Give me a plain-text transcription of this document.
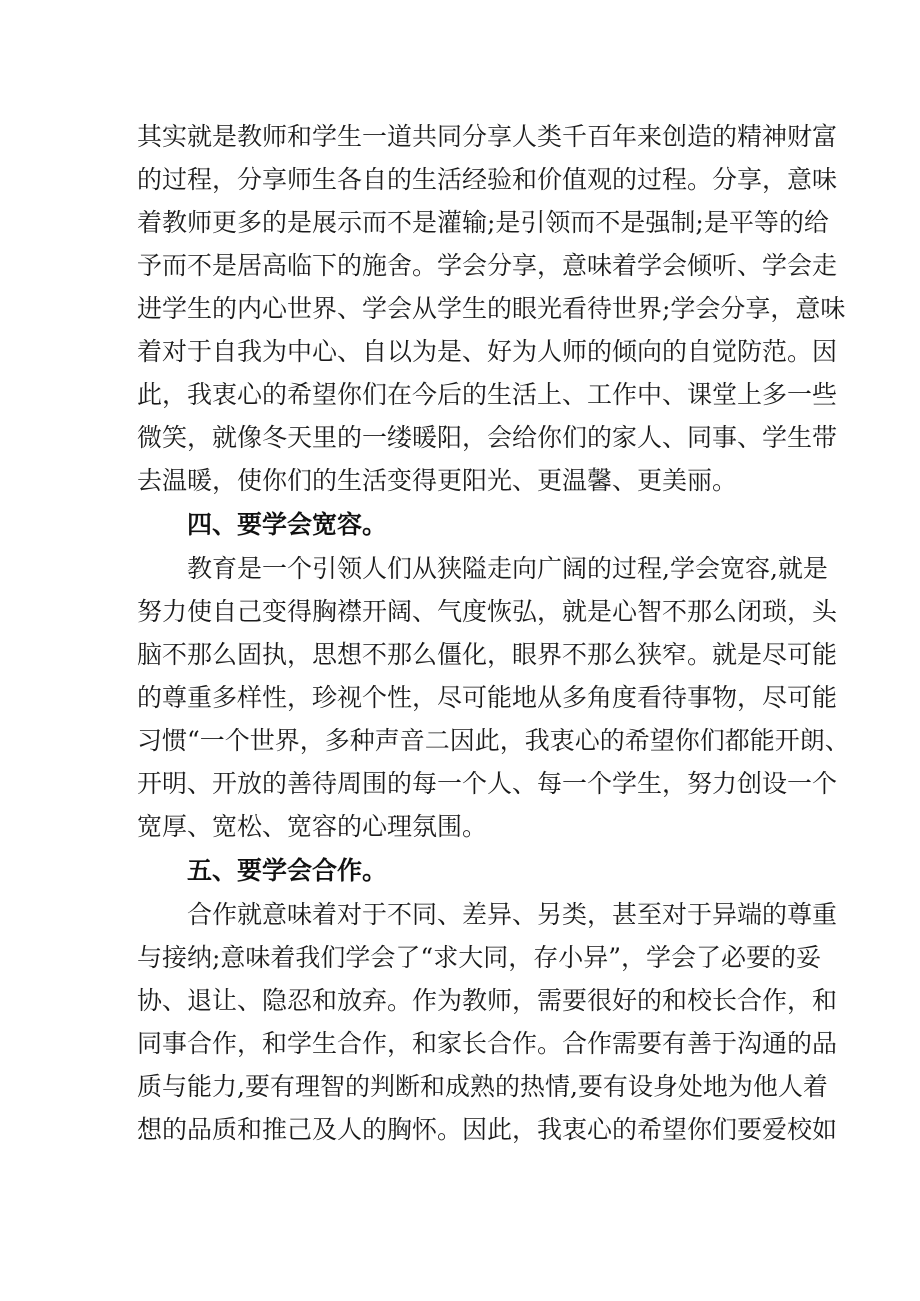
其实就是教师和学生一道共同分享人类千百年来创造的精神财富
的过程，分享师生各自的生活经验和价值观的过程。分享，意味
着教师更多的是展示而不是灌输;是引领而不是强制;是平等的给
予而不是居高临下的施舍。学会分享，意味着学会倾听、学会走
进学生的内心世界、学会从学生的眼光看待世界;学会分享，意味
着对于自我为中心、自以为是、好为人师的倾向的自觉防范。因
此，我衷心的希望你们在今后的生活上、工作中、课堂上多一些
微笑，就像冬天里的一缕暖阳，会给你们的家人、同事、学生带
去温暖，使你们的生活变得更阳光、更温馨、更美丽。
四、要学会宽容。
教育是一个引领人们从狭隘走向广阔的过程,学会宽容,就是
努力使自己变得胸襟开阔、气度恢弘，就是心智不那么闭琐，头
脑不那么固执，思想不那么僵化，眼界不那么狭窄。就是尽可能
的尊重多样性，珍视个性，尽可能地从多角度看待事物，尽可能
习惯“一个世界，多种声音二因此，我衷心的希望你们都能开朗、
开明、开放的善待周围的每一个人、每一个学生，努力创设一个
宽厚、宽松、宽容的心理氛围。
五、要学会合作。
合作就意味着对于不同、差异、另类，甚至对于异端的尊重
与接纳;意味着我们学会了“求大同，存小异”，学会了必要的妥
协、退让、隐忍和放弃。作为教师，需要很好的和校长合作，和
同事合作，和学生合作，和家长合作。合作需要有善于沟通的品
质与能力,要有理智的判断和成熟的热情,要有设身处地为他人着
想的品质和推己及人的胸怀。因此，我衷心的希望你们要爱校如
